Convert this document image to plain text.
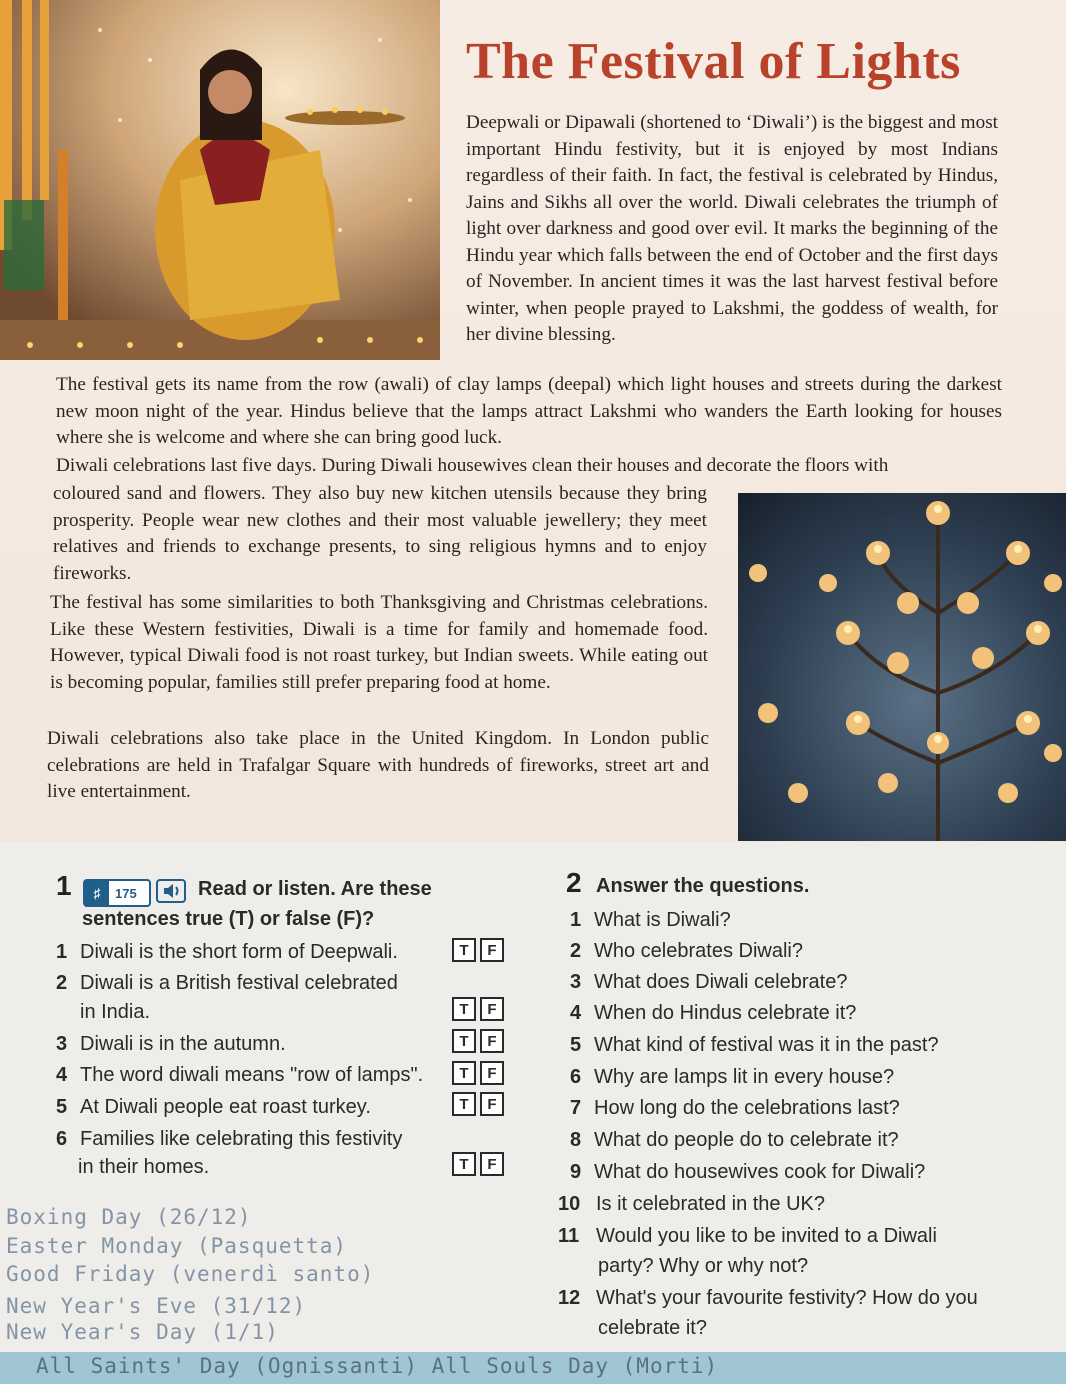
The Festival of Lights

Deepwali or Dipawali (shortened to ‘Diwali’) is the biggest and most important Hindu festivity, but it is enjoyed by most Indians regardless of their faith. In fact, the festival is celebrated by Hindus, Jains and Sikhs all over the world. Diwali celebrates the triumph of light over darkness and good over evil. It marks the beginning of the Hindu year which falls between the end of October and the first days of November. In ancient times it was the last harvest festival before winter, when people prayed to Lakshmi, the goddess of wealth, for her divine blessing.

The festival gets its name from the row (awali) of clay lamps (deepal) which light houses and streets during the darkest new moon night of the year. Hindus believe that the lamps attract Lakshmi who wanders the Earth looking for houses where she is welcome and where she can bring good luck.

Diwali celebrations last five days. During Diwali housewives clean their houses and decorate the floors with

coloured sand and flowers. They also buy new kitchen utensils because they bring prosperity. People wear new clothes and their most valuable jewellery; they meet relatives and friends to exchange presents, to sing religious hymns and to enjoy fireworks.

The festival has some similarities to both Thanksgiving and Christmas celebrations. Like these Western festivities, Diwali is a time for family and homemade food. However, typical Diwali food is not roast turkey, but Indian sweets. While eating out is becoming popular, families still prefer preparing food at home.

Diwali celebrations also take place in the United Kingdom. In London public celebrations are held in Trafalgar Square with hundreds of fireworks, street art and live entertainment.

1	♯	175	Read or listen. Are these
sentences true (T) or false (F)?
1 Diwali is the short form of Deepwali.	T	F
2 Diwali is a British festival celebrated
in India.	T	F
3 Diwali is in the autumn.	T	F
4 The word diwali means "row of lamps".	T	F
5 At Diwali people eat roast turkey.	T	F
6 Families like celebrating this festivity
in their homes.	T	F
2 Answer the questions.
1 What is Diwali?
2 Who celebrates Diwali?
3 What does Diwali celebrate?
4 When do Hindus celebrate it?
5 What kind of festival was it in the past?
6 Why are lamps lit in every house?
7 How long do the celebrations last?
8 What do people do to celebrate it?
9 What do housewives cook for Diwali?
10 Is it celebrated in the UK?
11 Would you like to be invited to a Diwali
party? Why or why not?
12 What's your favourite festivity? How do you
celebrate it?
Boxing Day (26/12)
Easter Monday (Pasquetta)
Good Friday (venerdì santo)
New Year's Eve (31/12)
New Year's Day (1/1)
All Saints' Day (Ognissanti) All Souls Day (Morti)
